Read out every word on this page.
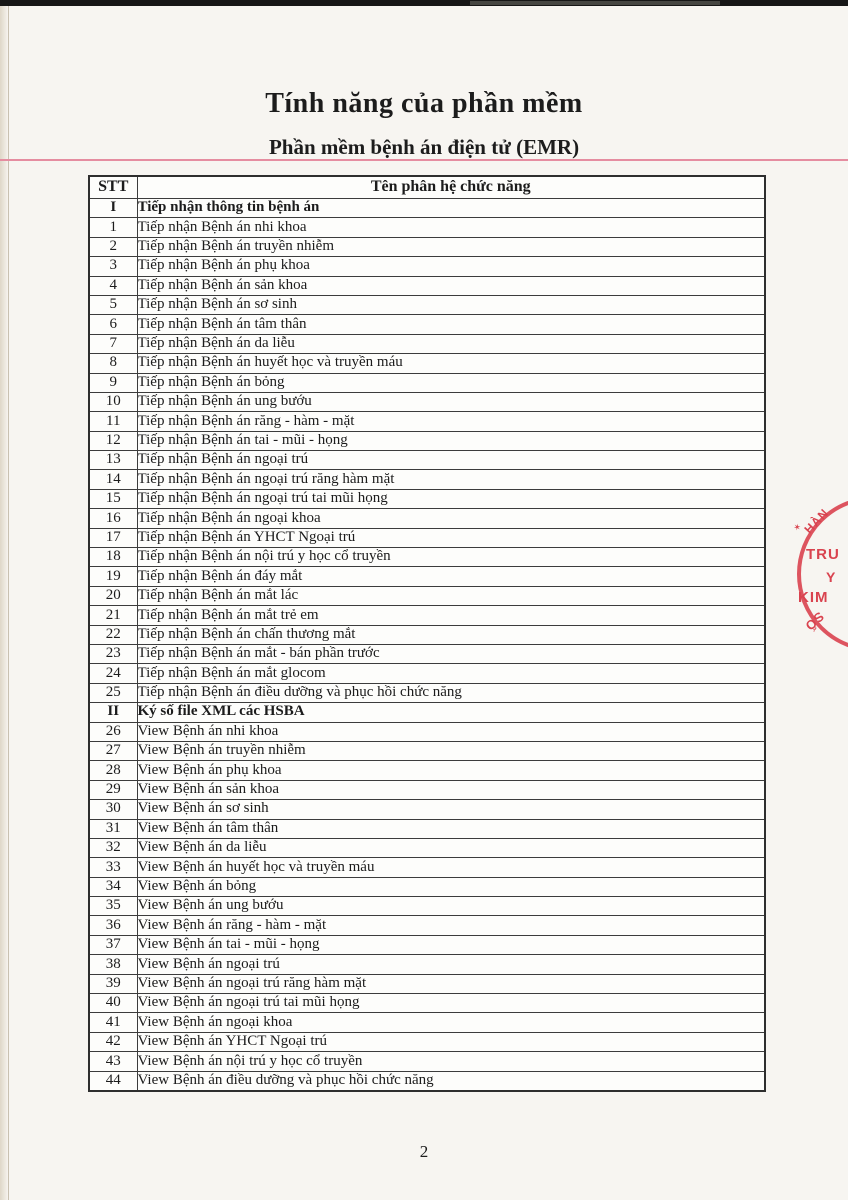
Tính năng của phần mềm
Phần mềm bệnh án điện tử (EMR)
STT	Tên phân hệ chức năng
I	Tiếp nhận thông tin bệnh án
1	Tiếp nhận Bệnh án nhi khoa
2	Tiếp nhận Bệnh án truyền nhiễm
3	Tiếp nhận Bệnh án phụ khoa
4	Tiếp nhận Bệnh án sản khoa
5	Tiếp nhận Bệnh án sơ sinh
6	Tiếp nhận Bệnh án tâm thân
7	Tiếp nhận Bệnh án da liễu
8	Tiếp nhận Bệnh án huyết học và truyền máu
9	Tiếp nhận Bệnh án bỏng
10	Tiếp nhận Bệnh án ung bướu
11	Tiếp nhận Bệnh án răng - hàm - mặt
12	Tiếp nhận Bệnh án tai - mũi - họng
13	Tiếp nhận Bệnh án ngoại trú
14	Tiếp nhận Bệnh án ngoại trú răng hàm mặt
15	Tiếp nhận Bệnh án ngoại trú tai mũi họng
16	Tiếp nhận Bệnh án ngoại khoa
17	Tiếp nhận Bệnh án YHCT Ngoại trú
18	Tiếp nhận Bệnh án nội trú y học cổ truyền
19	Tiếp nhận Bệnh án đáy mắt
20	Tiếp nhận Bệnh án mắt lác
21	Tiếp nhận Bệnh án mắt trẻ em
22	Tiếp nhận Bệnh án chấn thương mắt
23	Tiếp nhận Bệnh án mắt - bán phần trước
24	Tiếp nhận Bệnh án mắt glocom
25	Tiếp nhận Bệnh án điều dưỡng và phục hồi chức năng
II	Ký số file XML các HSBA
26	View Bệnh án nhi khoa
27	View Bệnh án truyền nhiễm
28	View Bệnh án phụ khoa
29	View Bệnh án sản khoa
30	View Bệnh án sơ sinh
31	View Bệnh án tâm thân
32	View Bệnh án da liễu
33	View Bệnh án huyết học và truyền máu
34	View Bệnh án bỏng
35	View Bệnh án ung bướu
36	View Bệnh án răng - hàm - mặt
37	View Bệnh án tai - mũi - họng
38	View Bệnh án ngoại trú
39	View Bệnh án ngoại trú răng hàm mặt
40	View Bệnh án ngoại trú tai mũi họng
41	View Bệnh án ngoại khoa
42	View Bệnh án YHCT Ngoại trú
43	View Bệnh án nội trú y học cổ truyền
44	View Bệnh án điều dưỡng và phục hồi chức năng
✶
HÀN
TRU
Y
KIM
SỐ
2
